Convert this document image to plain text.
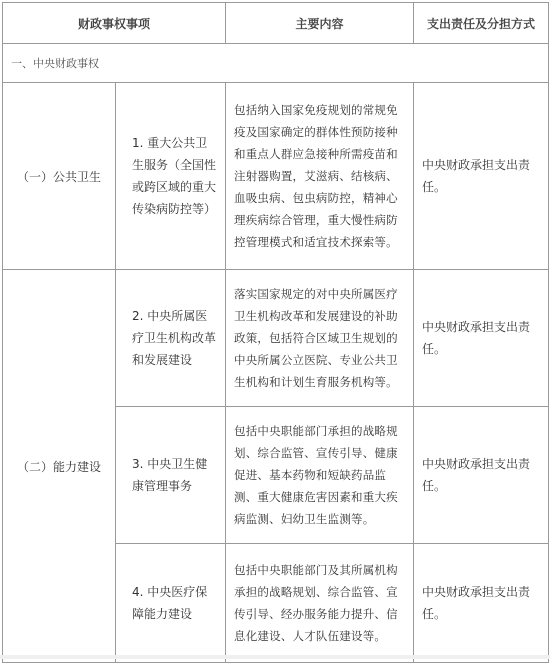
财政事权事项		主要内容	支出责任及分担方式
一、中央财政事权			
（一）公共卫生	1. 重大公共卫生服务（全国性或跨区域的重大传染病防控等）	包括纳入国家免疫规划的常规免疫及国家确定的群体性预防接种和重点人群应急接种所需疫苗和注射器购置，艾滋病、结核病、血吸虫病、包虫病防控，精神心理疾病综合管理，重大慢性病防控管理模式和适宜技术探索等。	中央财政承担支出责任。
（二）能力建设	2. 中央所属医疗卫生机构改革和发展建设	落实国家规定的对中央所属医疗卫生机构改革和发展建设的补助政策，包括符合区域卫生规划的中央所属公立医院、专业公共卫生机构和计划生育服务机构等。	中央财政承担支出责任。
	3. 中央卫生健康管理事务	包括中央职能部门承担的战略规划、综合监管、宣传引导、健康促进、基本药物和短缺药品监测、重大健康危害因素和重大疾病监测、妇幼卫生监测等。	中央财政承担支出责任。
	4. 中央医疗保障能力建设	包括中央职能部门及其所属机构承担的战略规划、综合监管、宣传引导、经办服务能力提升、信息化建设、人才队伍建设等。	中央财政承担支出责任。
